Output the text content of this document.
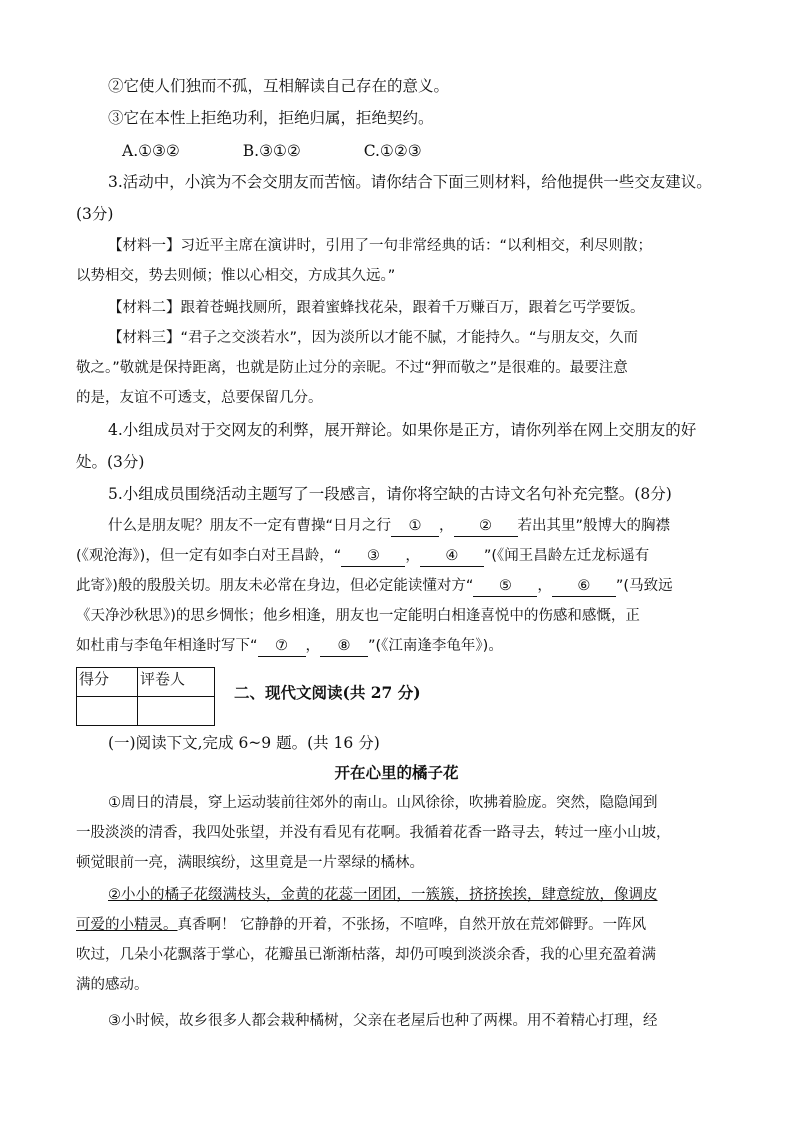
②它使人们独而不孤，互相解读自己存在的意义。
③它在本性上拒绝功利，拒绝归属，拒绝契约。
A.①③②	B.③①②	C.①②③
3.活动中，小滨为不会交朋友而苦恼。请你结合下面三则材料，给他提供一些交友建议。
(3分)
【材料一】习近平主席在演讲时，引用了一句非常经典的话：“以利相交，利尽则散；
以势相交，势去则倾；惟以心相交，方成其久远。”
【材料二】跟着苍蝇找厕所，跟着蜜蜂找花朵，跟着千万赚百万，跟着乞丐学要饭。
【材料三】“君子之交淡若水”，因为淡所以才能不腻，才能持久。“与朋友交，久而
敬之。”敬就是保持距离，也就是防止过分的亲昵。不过“狎而敬之”是很难的。最要注意
的是，友谊不可透支，总要保留几分。
4.小组成员对于交网友的利弊，展开辩论。如果你是正方，请你列举在网上交朋友的好
处。(3分)
5.小组成员围绕活动主题写了一段感言，请你将空缺的古诗文名句补充完整。(8分)
什么是朋友呢？朋友不一定有曹操“日月之行 ① ， ② 若出其里”般博大的胸襟
(《观沧海》)，但一定有如李白对王昌龄，“ ③ ， ④ ”(《闻王昌龄左迁龙标遥有
此寄》)般的殷殷关切。朋友未必常在身边，但必定能读懂对方“ ⑤ ， ⑥ ”(马致远
《天净沙秋思》)的思乡惆怅；他乡相逢，朋友也一定能明白相逢喜悦中的伤感和感慨，正
如杜甫与李龟年相逢时写下“ ⑦ ， ⑧ ”(《江南逢李龟年》)。
得分	评卷人

二、现代文阅读(共 27 分)
(一)阅读下文,完成 6~9 题。(共 16 分)
开在心里的橘子花
①周日的清晨，穿上运动装前往郊外的南山。山风徐徐，吹拂着脸庞。突然，隐隐闻到
一股淡淡的清香，我四处张望，并没有看见有花啊。我循着花香一路寻去，转过一座小山坡，
顿觉眼前一亮，满眼缤纷，这里竟是一片翠绿的橘林。
②小小的橘子花缀满枝头，金黄的花蕊一团团，一簇簇，挤挤挨挨，肆意绽放，像调皮
可爱的小精灵。真香啊！ 它静静的开着，不张扬，不喧哗，自然开放在荒郊僻野。一阵风
吹过，几朵小花飘落于掌心，花瓣虽已渐渐枯落，却仍可嗅到淡淡余香，我的心里充盈着满
满的感动。
③小时候，故乡很多人都会栽种橘树，父亲在老屋后也种了两棵。用不着精心打理，经
